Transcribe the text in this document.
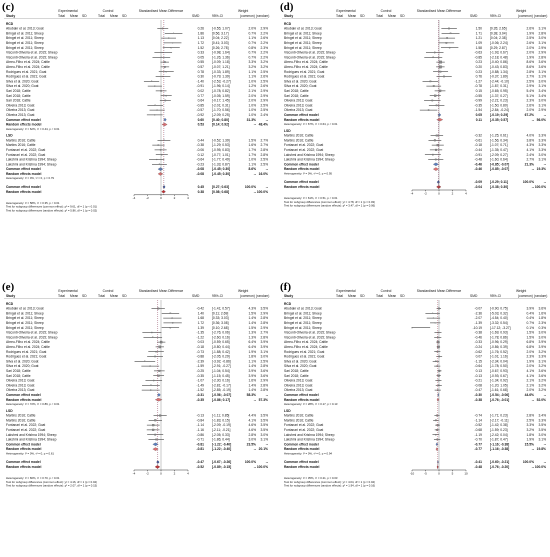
(c)	Experimental	Control	Standardised Mean Difference	Weight
Study	Total Mean SD	Total Mean SD	SMD	95%-CI	(common) (random)
RCD
Abubakr et al. 2013; Goat	0.26 [-0.55; 1.07]	2.0% 2.9%
Bringel et al. 2011; Sheep	1.86 [0.56; 3.17]	0.7% 2.2%
Bringel et al. 2011; Sheep	1.13 [0.04; 2.22]	1.1% 2.6%
Bringel et al. 2011; Sheep	1.72 [0.41; 3.03]	0.7% 2.2%
Bringel et al. 2011; Sheep	1.52 [0.26; 2.78]	0.8% 2.3%
Visconti-Oliveira et al. 2015; Sheep	0.33 [-0.98; 1.64]	0.7% 2.2%
Visconti-Oliveira et al. 2015; Sheep	0.05 [-1.26; 1.36]	0.7% 2.2%
Abreu-Filho et al. 2024; Cattle	0.55 [-0.09; 1.18]	3.3% 3.2%
Abreu-Filho et al. 2024; Cattle	0.57 [-0.07; 1.21]	3.2% 3.2%
Rodrigues et al. 2021; Goat	0.78 [-0.33; 1.89]	1.1% 2.5%
Rodrigues et al. 2021; Goat	0.30 [-0.79; 1.39]	1.1% 2.6%
Silva et al. 2020; Goat	-1.40 [-2.53; -0.27]	1.0% 2.5%
Silva et al. 2020; Goat	-0.91 [-1.96; 0.14]	1.2% 2.6%
Sari 2018; Cattle	0.02 [-0.78; 0.82]	2.1% 2.9%
Sari 2018; Cattle	0.77 [-0.05; 1.59]	2.0% 2.9%
Sari 2018; Cattle	0.64 [-0.17; 1.45]	2.0% 2.9%
Oliveira 2013; Goat	-0.85 [-2.01; 0.31]	1.0% 2.5%
Oliveira 2013; Goat	-0.57 [-1.70; 0.56]	1.0% 2.5%
Oliveira 2013; Goat	-0.92 [-2.09; 0.25]	1.0% 2.4%
Common effect model	0.60 [0.40; 0.80]	31.3%	--
Random effects model	0.53 [0.14; 0.92]	-- 48.4%
Heterogeneity: I² = 62%, τ² = 0.44, p < 0.01
LSD
Martins 2016; Cattle	0.44 [-0.52; 1.39]	1.5% 2.7%
Martins 2016; Cattle	-0.38 [-1.29; 0.53]	1.6% 2.7%
Fontanari et al. 2022; Goat	-0.06 [-0.95; 0.83]	1.7% 2.8%
Fontanari et al. 2022; Goat	0.12 [-0.77; 1.01]	1.7% 2.8%
Lakshmi and Krishna 1994; Sheep	-0.64 [-1.77; 0.49]	1.0% 2.5%
Lakshmi and Krishna 1994; Sheep	-0.23 [-1.33; 0.87]	1.1% 2.5%
Common effect model	-0.08 [-0.45; 0.30]	8.6%	--
Random effects model	-0.08 [-0.45; 0.30]	-- 16.0%
Heterogeneity: I² = 0%, τ² = 0, p = 0.79
Common effect model	0.45 [0.27; 0.63]	100.0%	--
Random effects model	0.38 [0.08; 0.68]	-- 100.0%
-4	-2	0	2	4
Heterogeneity: I² = 58%, τ² = 0.35, p < 0.01
Test for subgroup differences (common effect): χ² = 9.61, df = 1 (p < 0.01)
Test for subgroup differences (random effects): χ² = 5.86, df = 1 (p = 0.02)
(d)	Experimental	Control	Standardised Mean Difference	Weight
Study	Total Mean SD	Total Mean SD	SMD	95%-CI	(common) (random)
RCD
Abubakr et al. 2013; Goat	1.50 [0.35; 2.65]	2.6% 3.1%
Bringel et al. 2011; Sheep	1.71 [0.38; 3.04]	1.9% 2.8%
Bringel et al. 2011; Sheep	1.21 [0.04; 2.38]	2.5% 3.0%
Bringel et al. 2011; Sheep	1.09 [-0.06; 2.24]	2.6% 3.1%
Bringel et al. 2011; Sheep	1.58 [0.29; 2.87]	2.0% 2.9%
Visconti-Oliveira et al. 2015; Sheep	-0.63 [-1.93; 0.67]	2.0% 2.9%
Visconti-Oliveira et al. 2015; Sheep	-0.85 [-2.18; 0.48]	1.9% 2.8%
Abreu-Filho et al. 2024; Cattle	0.23 [-0.40; 0.86]	8.6% 3.6%
Abreu-Filho et al. 2024; Cattle	0.20 [-0.43; 0.83]	8.6% 3.6%
Rodrigues et al. 2021; Goat	0.23 [-0.88; 1.34]	2.8% 3.1%
Rodrigues et al. 2021; Goat	0.76 [-0.37; 1.89]	2.7% 3.1%
Silva et al. 2020; Goat	-1.27 [-2.44; -0.10]	2.5% 3.0%
Silva et al. 2020; Goat	-0.78 [-1.87; 0.31]	2.9% 3.1%
Sari 2018; Cattle	0.15 [-0.65; 0.95]	5.4% 3.4%
Sari 2018; Cattle	-0.55 [-1.37; 0.27]	5.1% 3.4%
Oliveira 2013; Goat	-0.99 [-2.21; 0.23]	2.3% 3.0%
Oliveira 2013; Goat	-0.35 [-1.50; 0.80]	2.6% 3.1%
Oliveira 2013; Goat	-1.54 [-2.84; -0.24]	2.0% 2.9%
Common effect model	0.05 [-0.19; 0.29]	67.2%	--
Random effects model	0.11 [-0.35; 0.57]	-- 56.0%
Heterogeneity: I² = 67%, τ² = 0.64, p < 0.01
LSD
Martins 2016; Cattle	-0.32 [-1.25; 0.61]	4.0% 3.3%
Martins 2016; Cattle	-0.61 [-1.56; 0.34]	3.8% 3.3%
Fontanari et al. 2022; Goat	-0.18 [-1.07; 0.71]	4.3% 3.3%
Fontanari et al. 2022; Goat	-0.44 [-1.35; 0.47]	4.1% 3.3%
Lakshmi and Krishna 1994; Sheep	-0.91 [-2.09; 0.27]	2.4% 3.0%
Lakshmi and Krishna 1994; Sheep	-0.48 [-1.60; 0.64]	2.7% 3.1%
Common effect model	-0.46 [-0.85; -0.07]	21.3%	--
Random effects model	-0.46 [-0.85; -0.07]	-- 19.3%
Heterogeneity: I² = 0%, τ² = 0, p = 0.95
Common effect model	-0.09 [-0.29; 0.11]	100.0%	--
Random effects model	-0.04 [-0.38; 0.30]	-- 100.0%
-4	-2	0	2	4
Heterogeneity: I² = 61%, τ² = 0.51, p < 0.01
Test for subgroup differences (common effect): χ² = 4.78, df = 1 (p = 0.03)
Test for subgroup differences (random effects): χ² = 3.47, df = 1 (p = 0.06)
(e)	Experimental	Control	Standardised Mean Difference	Weight
Study	Total Mean SD	Total Mean SD	SMD	95%-CI	(common) (random)
RCD
Abubakr et al. 2013; Goat	-0.42 [-1.41; 0.57]	4.3% 3.5%
Bringel et al. 2011; Sheep	1.40 [0.11; 2.69]	1.5% 2.9%
Bringel et al. 2011; Sheep	1.68 [0.33; 3.03]	1.4% 2.8%
Bringel et al. 2011; Sheep	1.72 [0.36; 3.08]	1.4% 2.8%
Bringel et al. 2011; Sheep	1.39 [0.10; 2.68]	1.5% 2.9%
Visconti-Oliveira et al. 2015; Sheep	-1.35 [-2.76; 0.06]	1.3% 2.7%
Visconti-Oliveira et al. 2015; Sheep	-1.22 [-2.60; 0.16]	1.3% 2.8%
Abreu-Filho et al. 2024; Cattle	0.03 [-0.59; 0.65]	6.4% 3.9%
Abreu-Filho et al. 2024; Cattle	-0.18 [-0.80; 0.44]	6.4% 3.9%
Rodrigues et al. 2021; Goat	-0.73 [-1.88; 0.42]	1.9% 3.1%
Rodrigues et al. 2021; Goat	-0.88 [-2.05; 0.29]	1.8% 3.0%
Silva et al. 2020; Goat	-2.39 [-3.92; -0.86]	1.1% 2.5%
Silva et al. 2020; Goat	-1.59 [-2.91; -0.27]	1.4% 2.8%
Sari 2018; Cattle	-0.25 [-1.04; 0.54]	3.9% 3.6%
Sari 2018; Cattle	-0.35 [-1.15; 0.45]	3.9% 3.6%
Oliveira 2013; Goat	-1.07 [-2.30; 0.16]	1.6% 2.9%
Oliveira 2013; Goat	-1.49 [-2.81; -0.17]	1.4% 2.8%
Oliveira 2013; Goat	-1.52 [-2.85; -0.19]	1.4% 2.8%
Common effect model	-0.31 [-0.56; -0.07]	58.3%	--
Random effects model	-0.35 [-0.86; 0.17]	-- 57.3%
Heterogeneity: I² = 72%, τ² = 0.89, p < 0.01
LSD
Martins 2016; Cattle	-0.13 [-1.11; 0.85]	4.4% 3.5%
Martins 2016; Cattle	-0.84 [-1.83; 0.15]	4.1% 3.5%
Fontanari et al. 2022; Goat	-1.14 [-2.09; -0.19]	4.6% 3.5%
Fontanari et al. 2022; Goat	-1.16 [-2.11; -0.21]	4.6% 3.5%
Lakshmi and Krishna 1994; Sheep	-0.86 [-2.05; 0.33]	2.8% 3.0%
Lakshmi and Krishna 1994; Sheep	-0.71 [-1.86; 0.44]	3.0% 3.1%
Common effect model	-0.81 [-1.22; -0.40]	23.5%	--
Random effects model	-0.81 [-1.22; -0.40]	-- 20.1%
Heterogeneity: I² = 0%, τ² = 0, p = 0.61
Common effect model	-0.47 [-0.67; -0.26]	100.0%	--
Random effects model	-0.52 [-0.89; -0.15]	-- 100.0%
-4	-2	0	2	4
Heterogeneity: I² = 66%, τ² = 0.70, p < 0.01
Test for subgroup differences (common effect): χ² = 4.16, df = 1 (p = 0.04)
Test for subgroup differences (random effects): χ² = 2.07, df = 1 (p = 0.15)
(f)	Experimental	Control	Standardised Mean Difference	Weight
Study	Total Mean SD	Total Mean SD	SMD	95%-CI	(common) (random)
RCD
Abubakr et al. 2013; Goat	-0.07 [-0.90; 0.75]	3.9% 3.6%
Bringel et al. 2011; Sheep	-2.36 [-5.03; 0.32]	0.4% 1.6%
Bringel et al. 2011; Sheep	-2.07 [-4.54; 0.40]	0.4% 1.8%
Bringel et al. 2011; Sheep	-1.39 [-3.32; 0.54]	0.7% 2.3%
Bringel et al. 2011; Sheep	-10.19 [-17.12; -3.27]	0.1% 0.3%
Visconti-Oliveira et al. 2015; Sheep	-0.38 [-1.69; 0.93]	1.5% 3.0%
Visconti-Oliveira et al. 2015; Sheep	-0.46 [-1.78; 0.86]	1.5% 3.0%
Abreu-Filho et al. 2024; Cattle	-0.33 [-0.96; 0.29]	6.8% 3.9%
Abreu-Filho et al. 2024; Cattle	-0.24 [-0.86; 0.39]	6.8% 3.9%
Rodrigues et al. 2021; Goat	-0.62 [-1.76; 0.52]	2.0% 3.2%
Rodrigues et al. 2021; Goat	0.07 [-1.01; 1.16]	2.3% 3.3%
Silva et al. 2020; Goat	-1.15 [-2.34; 0.04]	1.9% 3.1%
Silva et al. 2020; Goat	-0.64 [-1.78; 0.50]	2.0% 3.2%
Sari 2018; Cattle	0.13 [-0.67; 0.93]	4.1% 3.6%
Sari 2018; Cattle	-0.13 [-0.93; 0.67]	4.1% 3.6%
Oliveira 2013; Goat	-0.21 [-1.34; 0.92]	2.1% 3.2%
Oliveira 2013; Goat	-0.08 [-1.20; 1.05]	2.1% 3.2%
Oliveira 2013; Goat	-0.47 [-1.61; 0.68]	2.0% 3.2%
Common effect model	-0.30 [-0.54; -0.06]	44.6%	--
Random effects model	-0.38 [-0.76; -0.01]	-- 52.0%
Heterogeneity: I² = 28%, τ² = 0.17, p = 0.13
LSD
Martins 2016; Cattle	-0.74 [-1.71; 0.23]	2.8% 3.4%
Martins 2016; Cattle	-1.14 [-2.17; -0.11]	2.5% 3.3%
Fontanari et al. 2022; Goat	-0.52 [-1.42; 0.38]	3.3% 3.5%
Fontanari et al. 2022; Goat	-0.68 [-1.59; 0.23]	3.2% 3.5%
Lakshmi and Krishna 1994; Sheep	-1.19 [-2.42; 0.04]	1.8% 3.0%
Lakshmi and Krishna 1994; Sheep	-0.70 [-1.87; 0.47]	1.9% 3.1%
Common effect model	-0.77 [-1.16; -0.38]	15.5%	--
Random effects model	-0.77 [-1.16; -0.38]	-- 19.8%
Heterogeneity: I² = 0%, τ² = 0, p = 0.94
Common effect model	-0.41 [-0.60; -0.21]	100.0%	--
Random effects model	-0.48 [-0.76; -0.20]	-- 100.0%
-10	-5	0	5	10
Heterogeneity: I² = 35%, τ² = 0.21, p = 0.03
Test for subgroup differences (common effect): χ² = 4.04, df = 1 (p = 0.04)
Test for subgroup differences (random effects): χ² = 1.94, df = 1 (p = 0.16)
